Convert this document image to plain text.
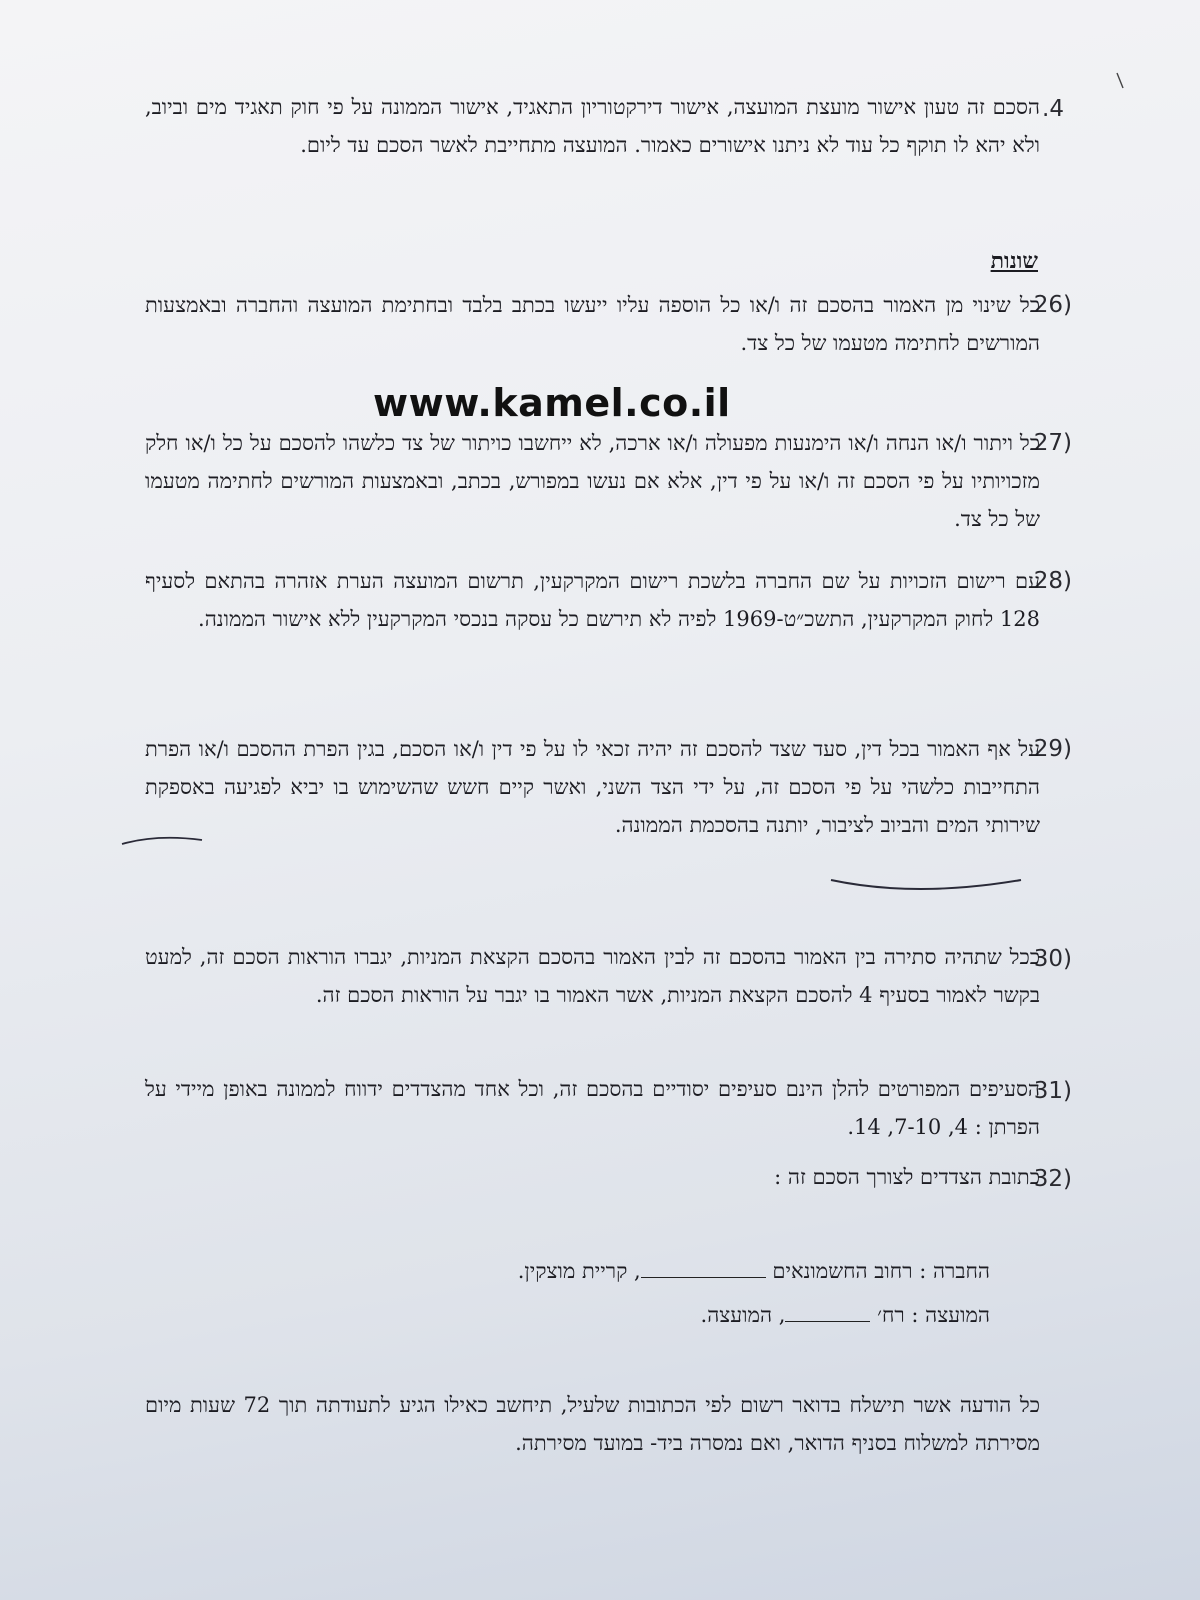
.4
הסכם זה טעון אישור מועצת המועצה, אישור דירקטוריון התאגיד, אישור הממונה על פי חוק תאגיד מים וביוב, ולא יהא לו תוקף כל עוד לא ניתנו אישורים כאמור. המועצה מתחייבת לאשר הסכם עד ליום.
שונות
26)
כל שינוי מן האמור בהסכם זה ו/או כל הוספה עליו ייעשו בכתב בלבד ובחתימת המועצה והחברה ובאמצעות המורשים לחתימה מטעמו של כל צד.
www.kamel.co.il
27)
כל ויתור ו/או הנחה ו/או הימנעות מפעולה ו/או ארכה, לא ייחשבו כויתור של צד כלשהו להסכם על כל ו/או חלק מזכויותיו על פי הסכם זה ו/או על פי דין, אלא אם נעשו במפורש, בכתב, ובאמצעות המורשים לחתימה מטעמו של כל צד.
28)
עם רישום הזכויות על שם החברה בלשכת רישום המקרקעין, תרשום המועצה הערת אזהרה בהתאם לסעיף 128 לחוק המקרקעין, התשכ״ט-1969 לפיה לא תירשם כל עסקה בנכסי המקרקעין ללא אישור הממונה.
29)
על אף האמור בכל דין, סעד שצד להסכם זה יהיה זכאי לו על פי דין ו/או הסכם, בגין הפרת ההסכם ו/או הפרת התחייבות כלשהי על פי הסכם זה, על ידי הצד השני, ואשר קיים חשש שהשימוש בו יביא לפגיעה באספקת שירותי המים והביוב לציבור, יותנה בהסכמת הממונה.
30)
ככל שתהיה סתירה בין האמור בהסכם זה לבין האמור בהסכם הקצאת המניות, יגברו הוראות הסכם זה, למעט בקשר לאמור בסעיף 4 להסכם הקצאת המניות, אשר האמור בו יגבר על הוראות הסכם זה.
31)
הסעיפים המפורטים להלן הינם סעיפים יסודיים בהסכם זה, וכל אחד מהצדדים ידווח לממונה באופן מיידי על הפרתן : 4, 7-10, 14.
32)
כתובת הצדדים לצורך הסכם זה :
החברה : רחוב החשמונאים , קריית מוצקין.
המועצה : רח׳ , המועצה.
כל הודעה אשר תישלח בדואר רשום לפי הכתובות שלעיל, תיחשב כאילו הגיע לתעודתה תוך 72 שעות מיום מסירתה למשלוח בסניף הדואר, ואם נמסרה ביד- במועד מסירתה.
